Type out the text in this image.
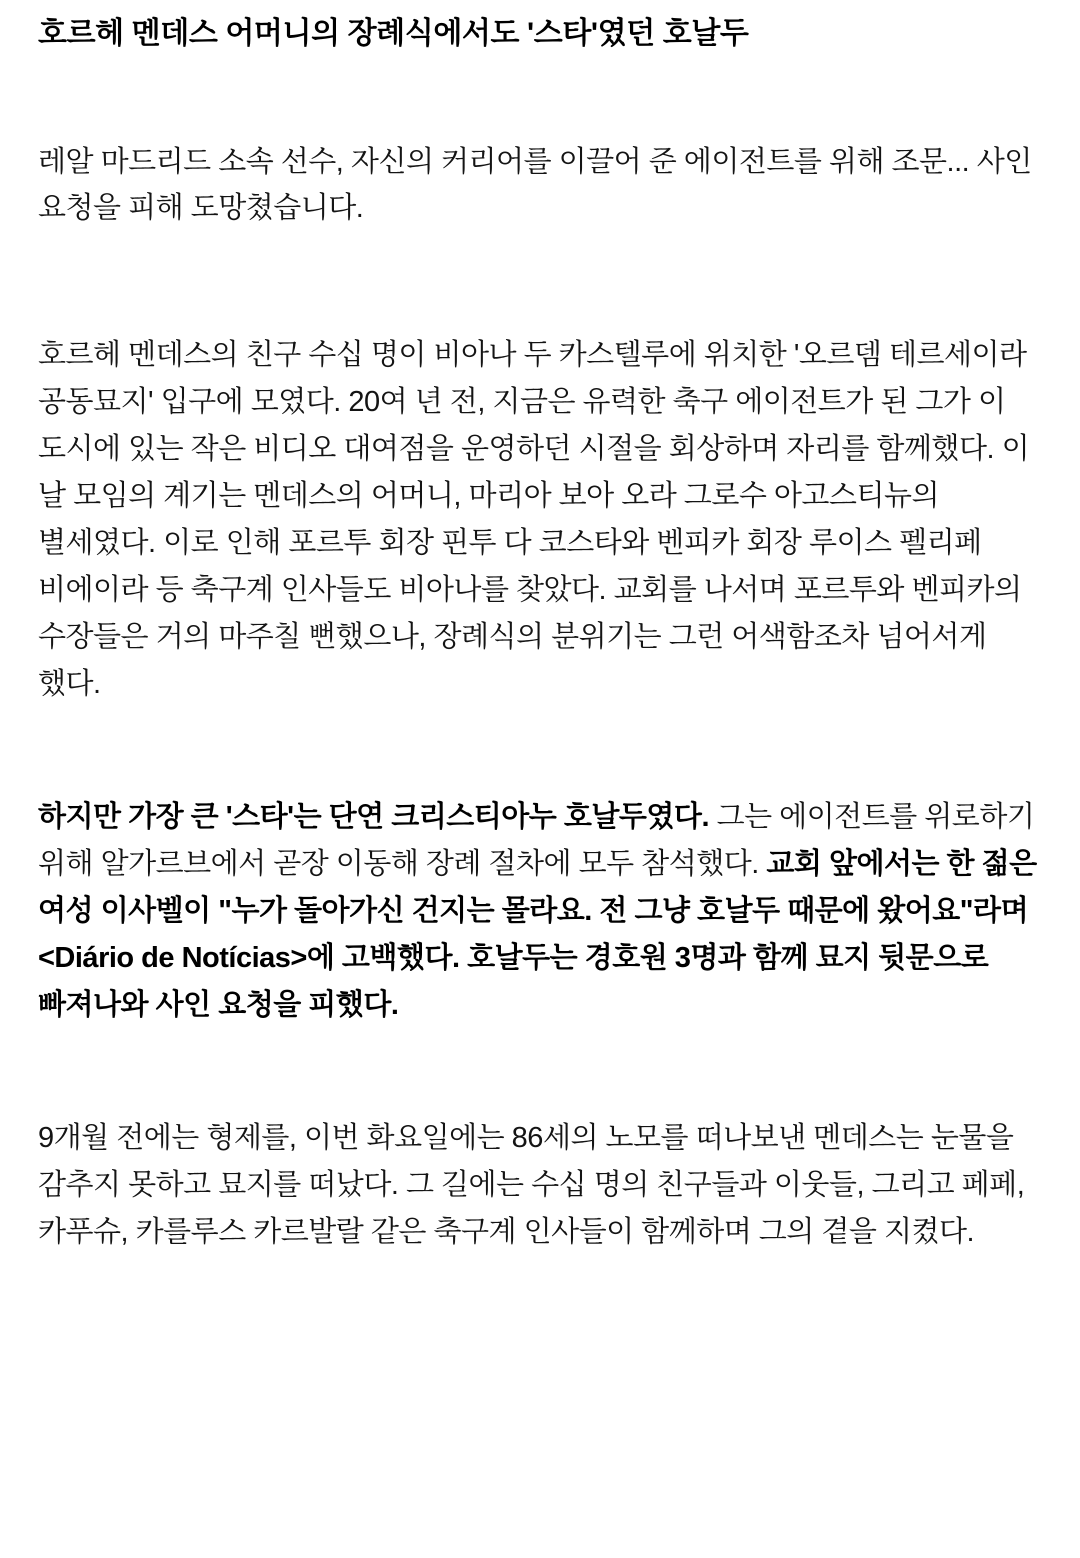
호르헤 멘데스 어머니의 장례식에서도 '스타'였던 호날두

레알 마드리드 소속 선수, 자신의 커리어를 이끌어 준 에이전트를 위해 조문... 사인 요청을 피해 도망쳤습니다.

호르헤 멘데스의 친구 수십 명이 비아나 두 카스텔루에 위치한 '오르뎀 테르세이라 공동묘지' 입구에 모였다. 20여 년 전, 지금은 유력한 축구 에이전트가 된 그가 이 도시에 있는 작은 비디오 대여점을 운영하던 시절을 회상하며 자리를 함께했다. 이 날 모임의 계기는 멘데스의 어머니, 마리아 보아 오라 그로수 아고스티뉴의 별세였다. 이로 인해 포르투 회장 핀투 다 코스타와 벤피카 회장 루이스 펠리페 비에이라 등 축구계 인사들도 비아나를 찾았다. 교회를 나서며 포르투와 벤피카의 수장들은 거의 마주칠 뻔했으나, 장례식의 분위기는 그런 어색함조차 넘어서게 했다.

하지만 가장 큰 '스타'는 단연 크리스티아누 호날두였다. 그는 에이전트를 위로하기 위해 알가르브에서 곧장 이동해 장례 절차에 모두 참석했다. 교회 앞에서는 한 젊은 여성 이사벨이 "누가 돌아가신 건지는 몰라요. 전 그냥 호날두 때문에 왔어요"라며 <Diário de Notícias>에 고백했다. 호날두는 경호원 3명과 함께 묘지 뒷문으로 빠져나와 사인 요청을 피했다.

9개월 전에는 형제를, 이번 화요일에는 86세의 노모를 떠나보낸 멘데스는 눈물을 감추지 못하고 묘지를 떠났다. 그 길에는 수십 명의 친구들과 이웃들, 그리고 페페, 카푸슈, 카를루스 카르발랄 같은 축구계 인사들이 함께하며 그의 곁을 지켰다.
